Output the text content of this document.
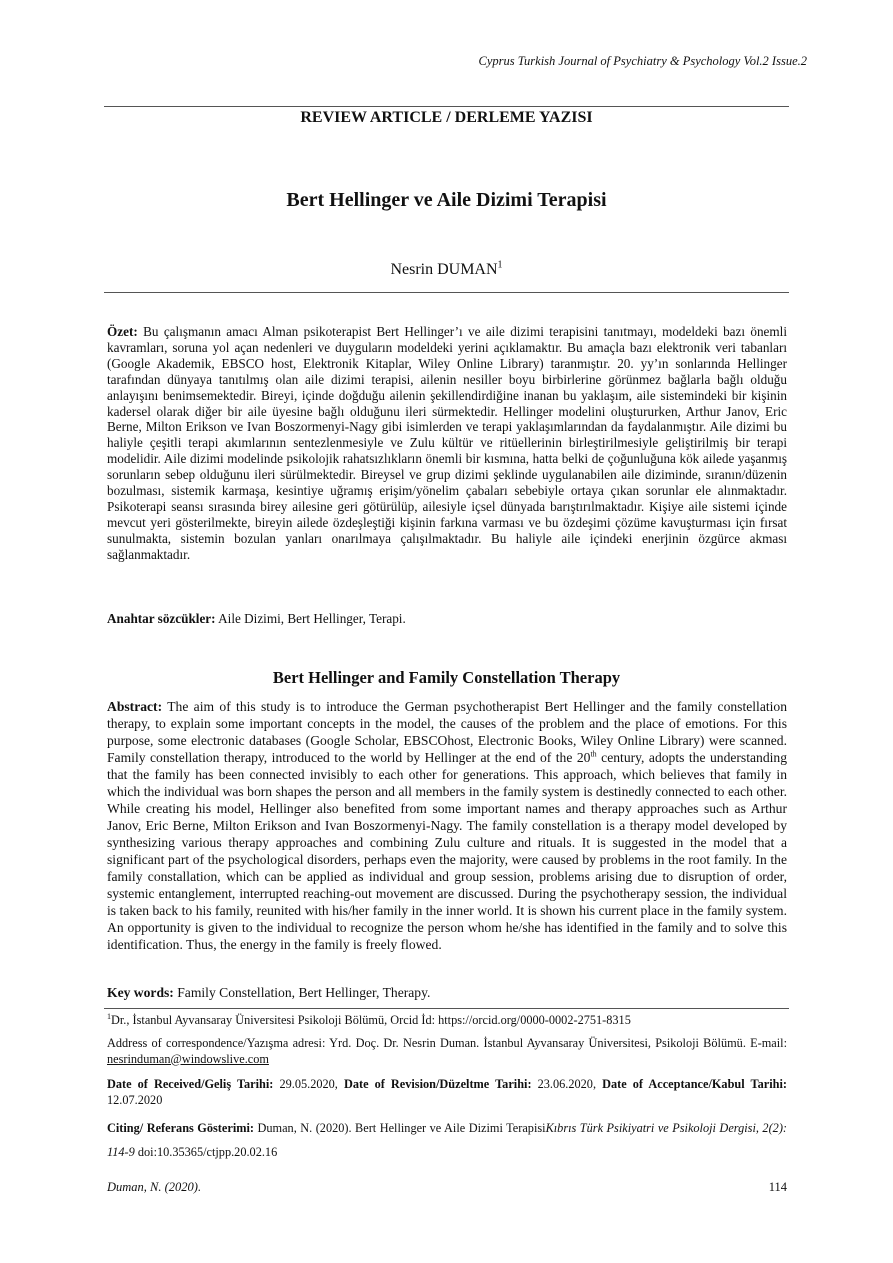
Cyprus Turkish Journal of Psychiatry & Psychology Vol.2 Issue.2
REVIEW ARTICLE / DERLEME YAZISI
Bert Hellinger ve Aile Dizimi Terapisi
Nesrin DUMAN$^1$
Özet: Bu çalışmanın amacı Alman psikoterapist Bert Hellinger’ı ve aile dizimi terapisini tanıtmayı, modeldeki bazı önemli kavramları, soruna yol açan nedenleri ve duyguların modeldeki yerini açıklamaktır. Bu amaçla bazı elektronik veri tabanları (Google Akademik, EBSCO host, Elektronik Kitaplar, Wiley Online Library) taranmıştır. 20. yy’ın sonlarında Hellinger tarafından dünyaya tanıtılmış olan aile dizimi terapisi, ailenin nesiller boyu birbirlerine görünmez bağlarla bağlı olduğu anlayışını benimsemektedir. Bireyi, içinde doğduğu ailenin şekillendirdiğine inanan bu yaklaşım, aile sistemindeki bir kişinin kadersel olarak diğer bir aile üyesine bağlı olduğunu ileri sürmektedir. Hellinger modelini oluştururken, Arthur Janov, Eric Berne, Milton Erikson ve Ivan Boszormenyi-Nagy gibi isimlerden ve terapi yaklaşımlarından da faydalanmıştır. Aile dizimi bu haliyle çeşitli terapi akımlarının sentezlenmesiyle ve Zulu kültür ve ritüellerinin birleştirilmesiyle geliştirilmiş bir terapi modelidir. Aile dizimi modelinde psikolojik rahatsızlıkların önemli bir kısmına, hatta belki de çoğunluğuna kök ailede yaşanmış sorunların sebep olduğunu ileri sürülmektedir. Bireysel ve grup dizimi şeklinde uygulanabilen aile diziminde, sıranın/düzenin bozulması, sistemik karmaşa, kesintiye uğramış erişim/yönelim çabaları sebebiyle ortaya çıkan sorunlar ele alınmaktadır. Psikoterapi seansı sırasında birey ailesine geri götürülüp, ailesiyle içsel dünyada barıştırılmaktadır. Kişiye aile sistemi içinde mevcut yeri gösterilmekte, bireyin ailede özdeşleştiği kişinin farkına varması ve bu özdeşimi çözüme kavuşturması için fırsat sunulmakta, sistemin bozulan yanları onarılmaya çalışılmaktadır. Bu haliyle aile içindeki enerjinin özgürce akması sağlanmaktadır.
Anahtar sözcükler: Aile Dizimi, Bert Hellinger, Terapi.
Bert Hellinger and Family Constellation Therapy
Abstract: The aim of this study is to introduce the German psychotherapist Bert Hellinger and the family constellation therapy, to explain some important concepts in the model, the causes of the problem and the place of emotions. For this purpose, some electronic databases (Google Scholar, EBSCOhost, Electronic Books, Wiley Online Library) were scanned. Family constellation therapy, introduced to the world by Hellinger at the end of the 20th century, adopts the understanding that the family has been connected invisibly to each other for generations. This approach, which believes that family in which the individual was born shapes the person and all members in the family system is destinedly connected to each other. While creating his model, Hellinger also benefited from some important names and therapy approaches such as Arthur Janov, Eric Berne, Milton Erikson and Ivan Boszormenyi-Nagy. The family constellation is a therapy model developed by synthesizing various therapy approaches and combining Zulu culture and rituals. It is suggested in the model that a significant part of the psychological disorders, perhaps even the majority, were caused by problems in the root family. In the family constallation, which can be applied as individual and group session, problems arising due to disruption of order, systemic entanglement, interrupted reaching-out movement are discussed. During the psychotherapy session, the individual is taken back to his family, reunited with his/her family in the inner world. It is shown his current place in the family system. An opportunity is given to the individual to recognize the person whom he/she has identified in the family and to solve this identification. Thus, the energy in the family is freely flowed.
Key words: Family Constellation, Bert Hellinger, Therapy.
$^1$Dr., İstanbul Ayvansaray Üniversitesi Psikoloji Bölümü, Orcid İd: https://orcid.org/0000-0002-2751-8315
Address of correspondence/Yazışma adresi: Yrd. Doç. Dr. Nesrin Duman. İstanbul Ayvansaray Üniversitesi, Psikoloji Bölümü. E-mail: nesrinduman@windowslive.com
Date of Received/Geliş Tarihi: 29.05.2020, Date of Revision/Düzeltme Tarihi: 23.06.2020, Date of Acceptance/Kabul Tarihi: 12.07.2020
Citing/ Referans Gösterimi: Duman, N. (2020). Bert Hellinger ve Aile Dizimi TerapisiKıbrıs Türk Psikiyatri ve Psikoloji Dergisi, 2(2): 114-9 doi:10.35365/ctjpp.20.02.16
Duman, N. (2020).	114
